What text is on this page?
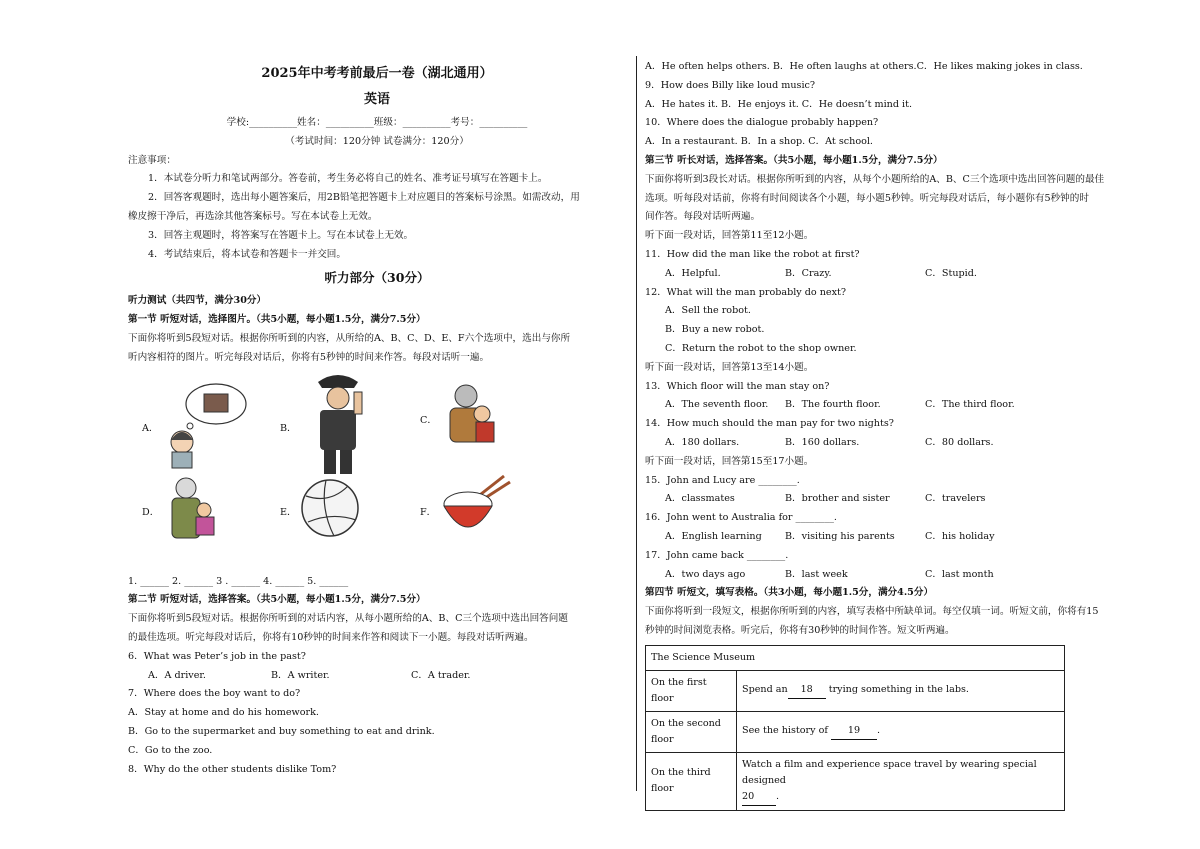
2025年中考考前最后一卷（湖北通用）
英语
学校:__________姓名：__________班级：__________考号：__________
（考试时间：120分钟 试卷满分：120分）
注意事项：
1．本试卷分听力和笔试两部分。答卷前，考生务必将自己的姓名、准考证号填写在答题卡上。
2．回答客观题时，选出每小题答案后，用2B铅笔把答题卡上对应题目的答案标号涂黑。如需改动，用
橡皮擦干净后，再选涂其他答案标号。写在本试卷上无效。
3．回答主观题时，将答案写在答题卡上。写在本试卷上无效。
4．考试结束后，将本试卷和答题卡一并交回。
听力部分（30分）
听力测试（共四节，满分30分）
第一节 听短对话，选择图片。（共5小题，每小题1.5分，满分7.5分）
下面你将听到5段短对话。根据你所听到的内容，从所给的A、B、C、D、E、F六个选项中，选出与你所
听内容相符的图片。听完每段对话后，你将有5秒钟的时间来作答。每段对话听一遍。
A．	B．
C．
D．	E．	F．
1. ______ 2. ______ 3 . ______ 4. ______ 5. ______
第二节 听短对话，选择答案。（共5小题，每小题1.5分，满分7.5分）
下面你将听到5段短对话。根据你所听到的对话内容，从每小题所给的A、B、C三个选项中选出回答问题
的最佳选项。听完每段对话后，你将有10秒钟的时间来作答和阅读下一小题。每段对话听两遍。
6．What was Peter’s job in the past?
A．A driver.	B．A writer.	C．A trader.
7．Where does the boy want to do?
A．Stay at home and do his homework.
B．Go to the supermarket and buy something to eat and drink.
C．Go to the zoo.
8．Why do the other students dislike Tom?
A．He often helps others. B．He often laughs at others.C．He likes making jokes in class.
9．How does Billy like loud music?
A．He hates it. B．He enjoys it. C．He doesn’t mind it.
10．Where does the dialogue probably happen?
A．In a restaurant. B．In a shop. C．At school.
第三节 听长对话，选择答案。（共5小题，每小题1.5分，满分7.5分）
下面你将听到3段长对话。根据你所听到的内容，从每个小题所给的A、B、C三个选项中选出回答问题的最佳
选项。听每段对话前，你将有时间阅读各个小题，每小题5秒钟。听完每段对话后，每小题你有5秒钟的时
间作答。每段对话听两遍。
听下面一段对话，回答第11至12小题。
11．How did the man like the robot at first?
A．Helpful.	B．Crazy.	C．Stupid.
12．What will the man probably do next?
A．Sell the robot.
B．Buy a new robot.
C．Return the robot to the shop owner.
听下面一段对话，回答第13至14小题。
13．Which floor will the man stay on?
A．The seventh floor.	B．The fourth floor.	C．The third floor.
14．How much should the man pay for two nights?
A．180 dollars.	B．160 dollars.	C．80 dollars.
听下面一段对话，回答第15至17小题。
15．John and Lucy are ________.
A．classmates	B．brother and sister	C．travelers
16．John went to Australia for ________.
A．English learning	B．visiting his parents	C．his holiday
17．John came back ________.
A．two days ago	B．last week	C．last month
第四节 听短文，填写表格。（共3小题，每小题1.5分，满分4.5分）
下面你将听到一段短文，根据你所听到的内容，填写表格中所缺单词。每空仅填一词。听短文前，你将有15
秒钟的时间浏览表格。听完后，你将有30秒钟的时间作答。短文听两遍。
The Science Museum	
On the first floor	Spend an 18 trying something in the labs.
On the second floor	See the history of 19 .
On the third floor	Watch a film and experience space travel by wearing special designed
20 .
